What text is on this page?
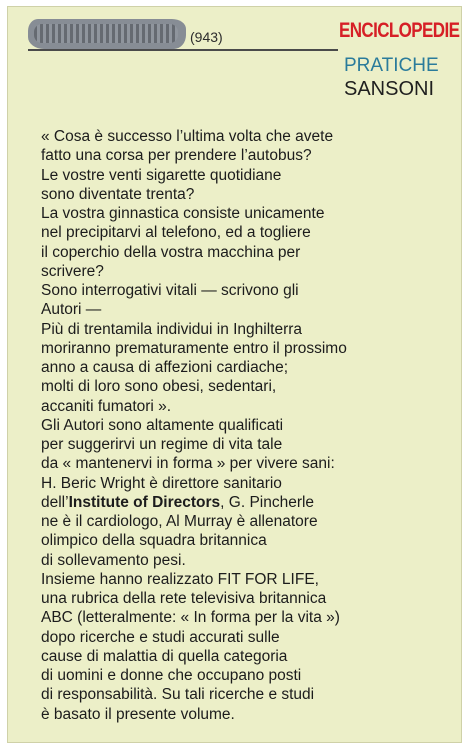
(943)	ENCICLOPEDIE
PRATICHE
SANSONI
« Cosa è successo l’ultima volta che avete
fatto una corsa per prendere l’autobus?
Le vostre venti sigarette quotidiane
sono diventate trenta?
La vostra ginnastica consiste unicamente
nel precipitarvi al telefono, ed a togliere
il coperchio della vostra macchina per
scrivere?
Sono interrogativi vitali — scrivono gli
Autori —
Più di trentamila individui in Inghilterra
moriranno prematuramente entro il prossimo
anno a causa di affezioni cardiache;
molti di loro sono obesi, sedentari,
accaniti fumatori ».
Gli Autori sono altamente qualificati
per suggerirvi un regime di vita tale
da « mantenervi in forma » per vivere sani:
H. Beric Wright è direttore sanitario
dell’Institute of Directors, G. Pincherle
ne è il cardiologo, Al Murray è allenatore
olimpico della squadra britannica
di sollevamento pesi.
Insieme hanno realizzato FIT FOR LIFE,
una rubrica della rete televisiva britannica
ABC (letteralmente: « In forma per la vita »)
dopo ricerche e studi accurati sulle
cause di malattia di quella categoria
di uomini e donne che occupano posti
di responsabilità. Su tali ricerche e studi
è basato il presente volume.
